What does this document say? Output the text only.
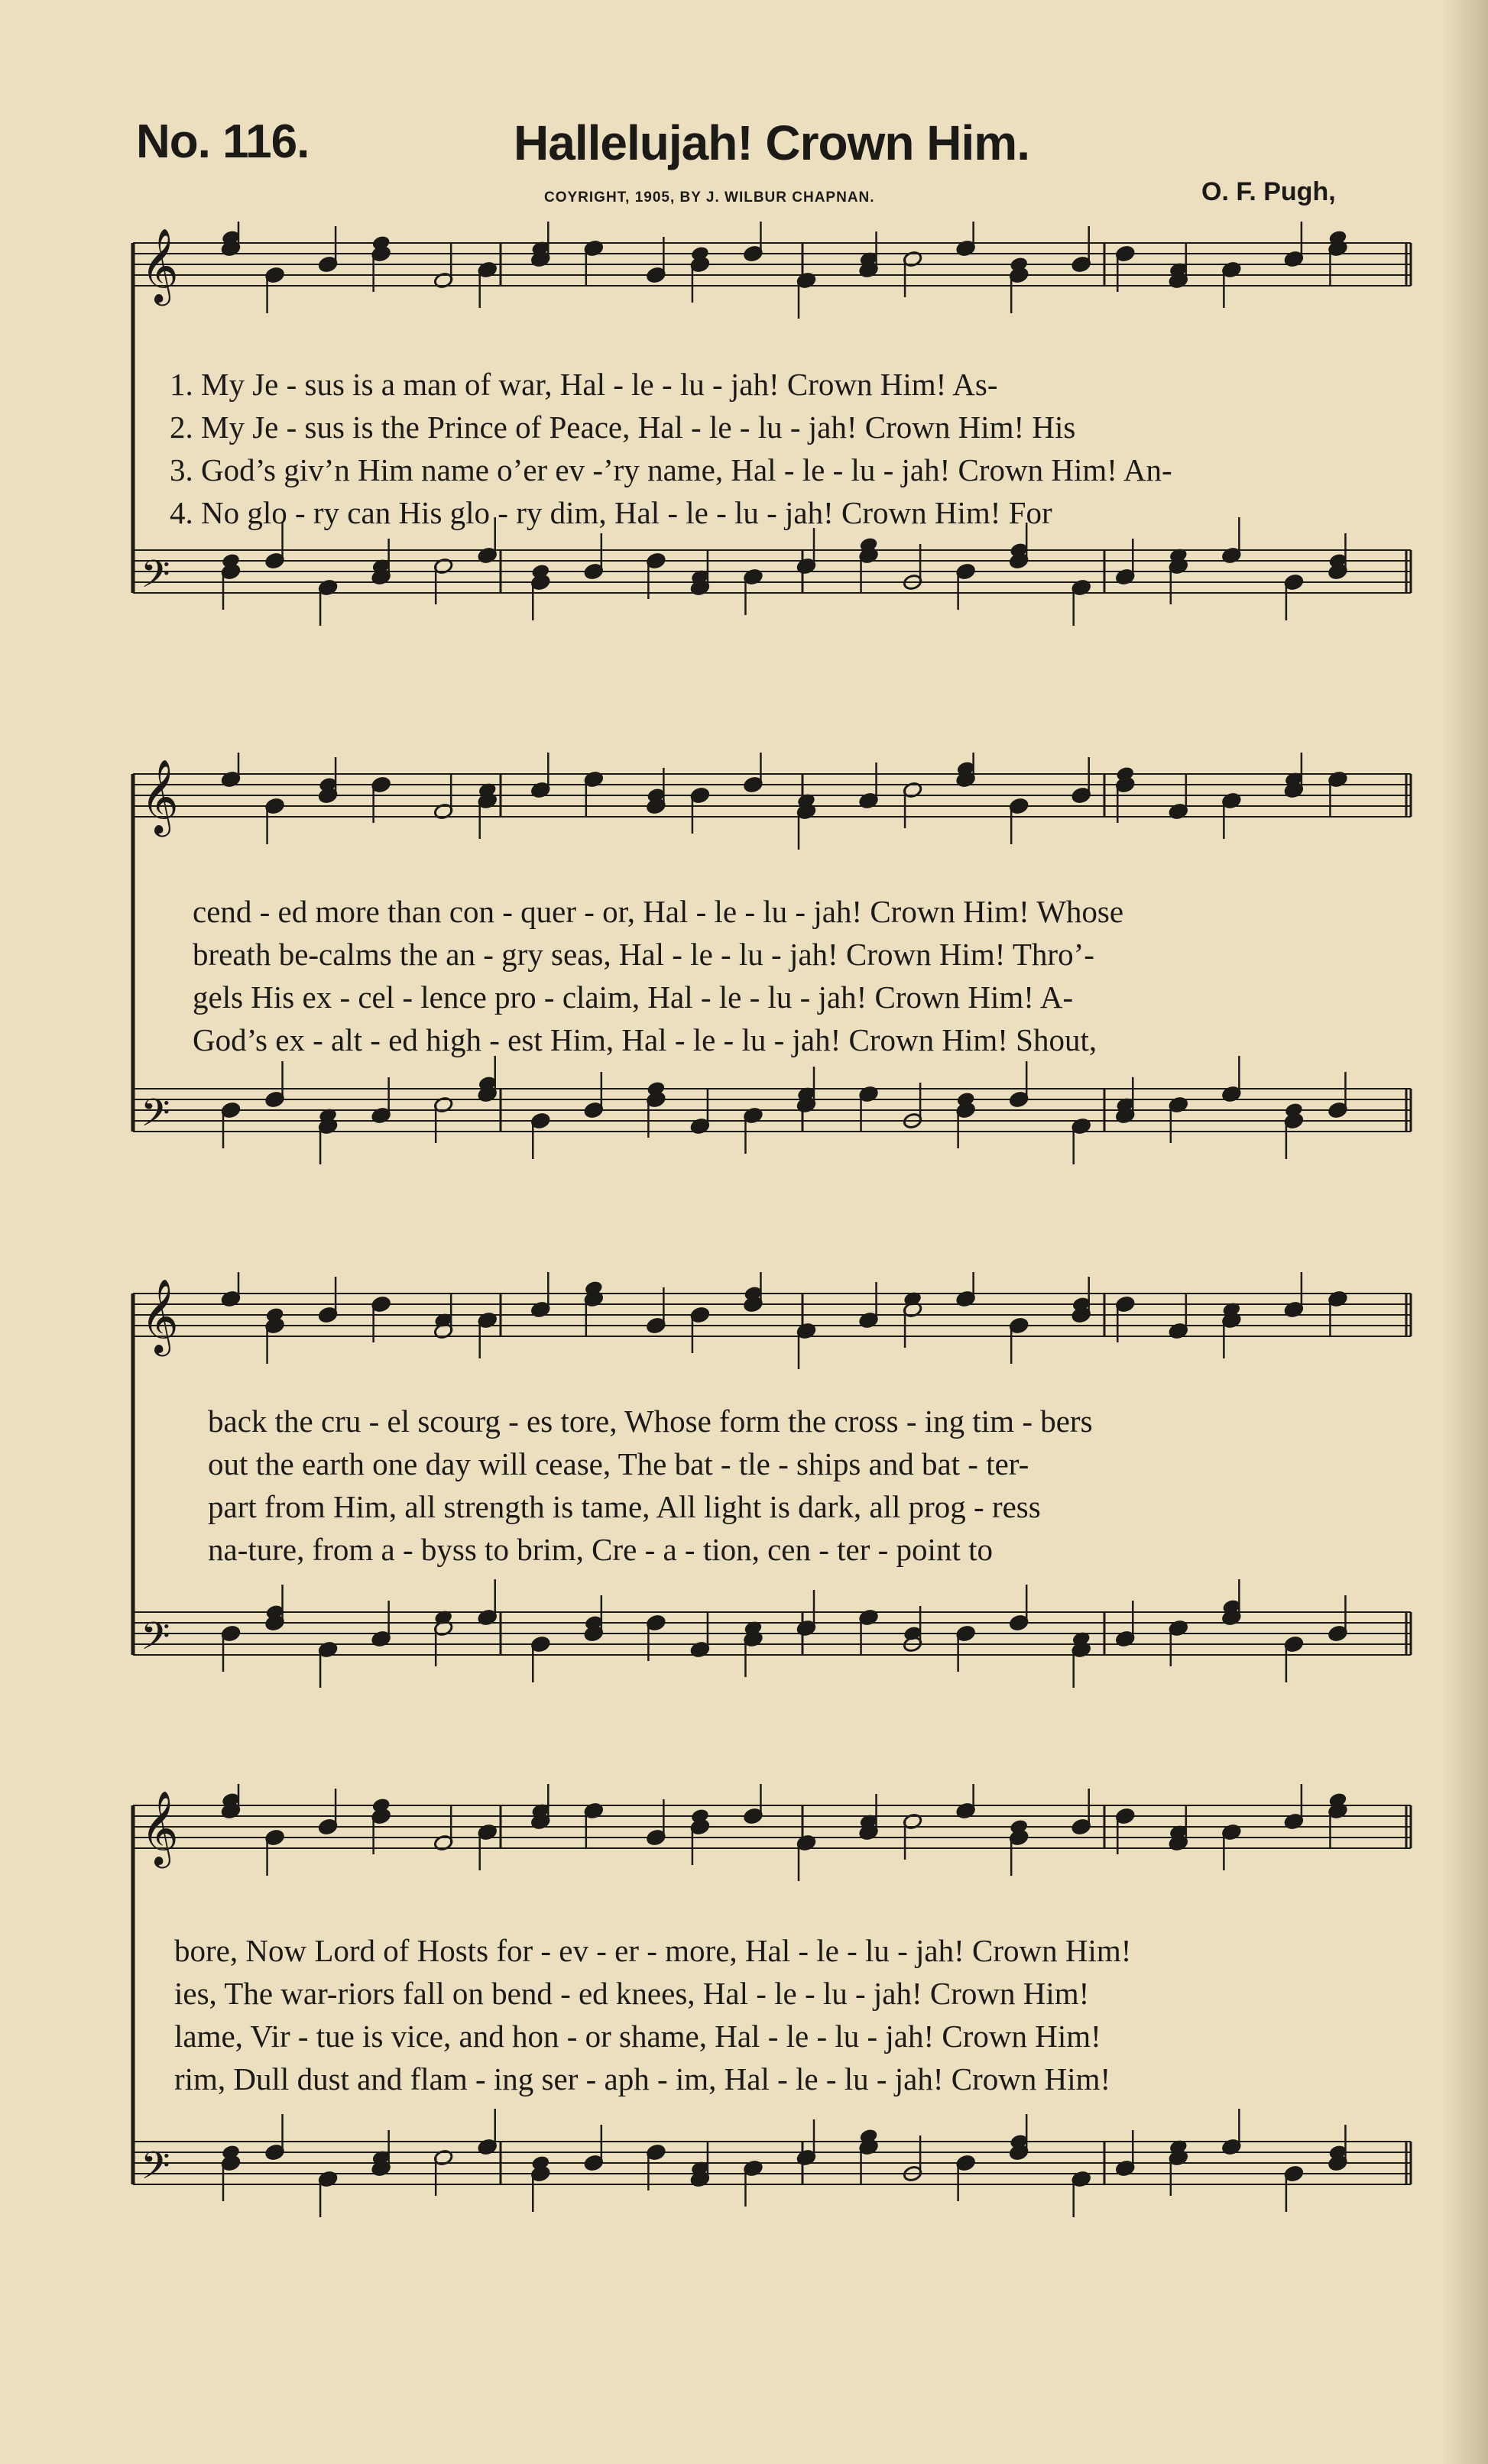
No. 116.	Hallelujah! Crown Him.
COYRIGHT, 1905, BY J. WILBUR CHAPNAN.	O. F. Pugh,
𝄞
𝄢
1. My Je - sus is a man of war, Hal - le - lu - jah! Crown Him! As-
2. My Je - sus is the Prince of Peace, Hal - le - lu - jah! Crown Him! His
3. God’s giv’n Him name o’er ev -’ry name, Hal - le - lu - jah! Crown Him! An-
4. No glo - ry can His glo - ry dim, Hal - le - lu - jah! Crown Him! For
𝄞
𝄢
cend - ed more than con - quer - or, Hal - le - lu - jah! Crown Him! Whose
breath be-calms the an - gry seas, Hal - le - lu - jah! Crown Him! Thro’-
gels His ex - cel - lence pro - claim, Hal - le - lu - jah! Crown Him! A-
God’s ex - alt - ed high - est Him, Hal - le - lu - jah! Crown Him! Shout,
𝄞
𝄢
back the cru - el scourg - es tore, Whose form the cross - ing tim - bers
out the earth one day will cease, The bat - tle - ships and bat - ter-
part from Him, all strength is tame, All light is dark, all prog - ress
na-ture, from a - byss to brim, Cre - a - tion, cen - ter - point to
𝄞
𝄢
bore, Now Lord of Hosts for - ev - er - more, Hal - le - lu - jah! Crown Him!
ies, The war-riors fall on bend - ed knees, Hal - le - lu - jah! Crown Him!
lame, Vir - tue is vice, and hon - or shame, Hal - le - lu - jah! Crown Him!
rim, Dull dust and flam - ing ser - aph - im, Hal - le - lu - jah! Crown Him!
